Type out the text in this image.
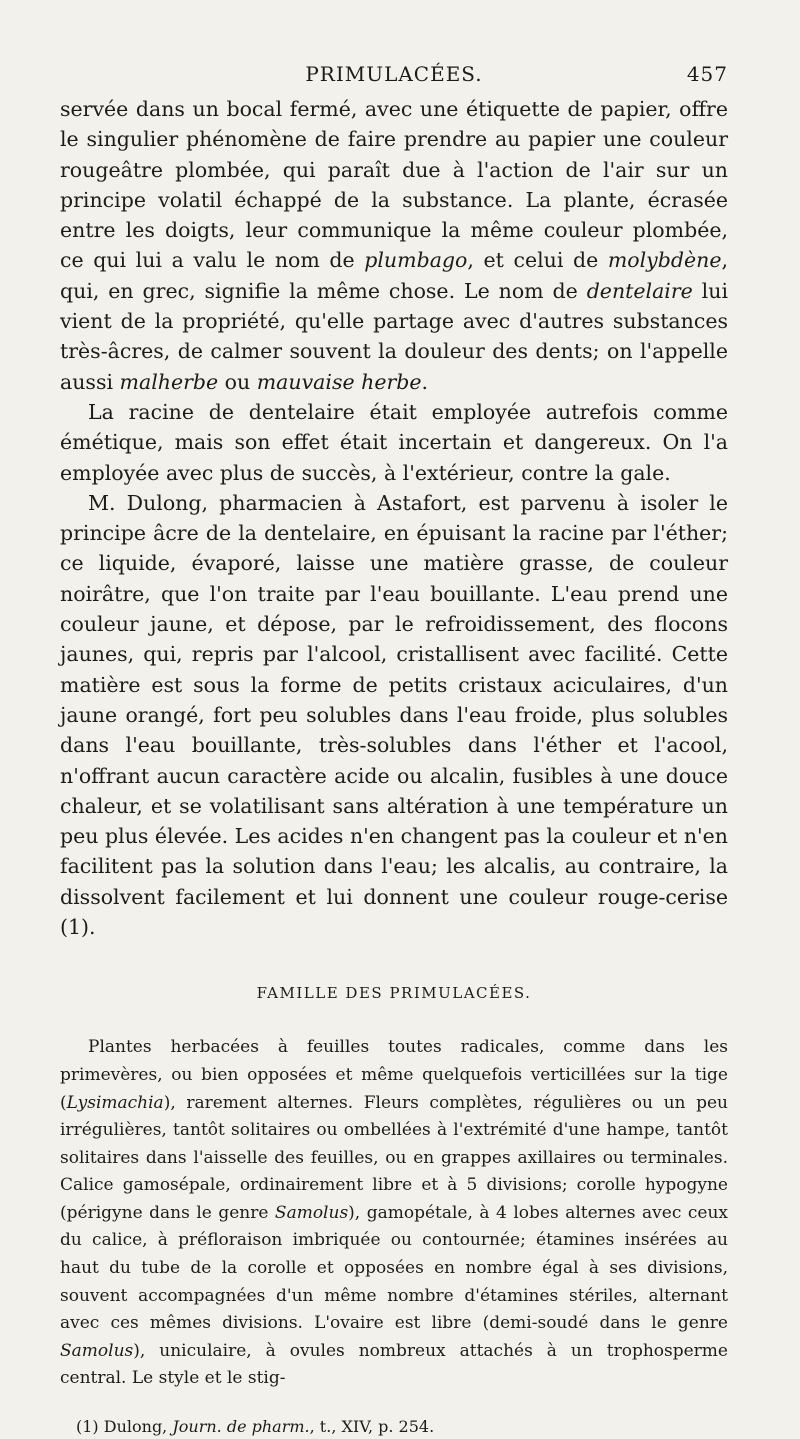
PRIMULACÉES.	457

servée dans un bocal fermé, avec une étiquette de papier, offre le singulier phénomène de faire prendre au papier une couleur rougeâtre plombée, qui paraît due à l'action de l'air sur un principe volatil échappé de la substance. La plante, écrasée entre les doigts, leur communique la même couleur plombée, ce qui lui a valu le nom de plumbago, et celui de molybdène, qui, en grec, signifie la même chose. Le nom de dentelaire lui vient de la propriété, qu'elle partage avec d'autres substances très-âcres, de calmer souvent la douleur des dents; on l'appelle aussi malherbe ou mauvaise herbe.

La racine de dentelaire était employée autrefois comme émétique, mais son effet était incertain et dangereux. On l'a employée avec plus de succès, à l'extérieur, contre la gale.

M. Dulong, pharmacien à Astafort, est parvenu à isoler le principe âcre de la dentelaire, en épuisant la racine par l'éther; ce liquide, évaporé, laisse une matière grasse, de couleur noirâtre, que l'on traite par l'eau bouillante. L'eau prend une couleur jaune, et dépose, par le refroidissement, des flocons jaunes, qui, repris par l'alcool, cristallisent avec facilité. Cette matière est sous la forme de petits cristaux aciculaires, d'un jaune orangé, fort peu solubles dans l'eau froide, plus solubles dans l'eau bouillante, très-solubles dans l'éther et l'acool, n'offrant aucun caractère acide ou alcalin, fusibles à une douce chaleur, et se volatilisant sans altération à une température un peu plus élevée. Les acides n'en changent pas la couleur et n'en facilitent pas la solution dans l'eau; les alcalis, au contraire, la dissolvent facilement et lui donnent une couleur rouge-cerise (1).

FAMILLE DES PRIMULACÉES.

Plantes herbacées à feuilles toutes radicales, comme dans les primevères, ou bien opposées et même quelquefois verticillées sur la tige (Lysimachia), rarement alternes. Fleurs complètes, régulières ou un peu irrégulières, tantôt solitaires ou ombellées à l'extrémité d'une hampe, tantôt solitaires dans l'aisselle des feuilles, ou en grappes axillaires ou terminales. Calice gamosépale, ordinairement libre et à 5 divisions; corolle hypogyne (périgyne dans le genre Samolus), gamopétale, à 4 lobes alternes avec ceux du calice, à préfloraison imbriquée ou contournée; étamines insérées au haut du tube de la corolle et opposées en nombre égal à ses divisions, souvent accompagnées d'un même nombre d'étamines stériles, alternant avec ces mêmes divisions. L'ovaire est libre (demi-soudé dans le genre Samolus), uniculaire, à ovules nombreux attachés à un trophosperme central. Le style et le stig-

(1) Dulong, Journ. de pharm., t., XIV, p. 254.
